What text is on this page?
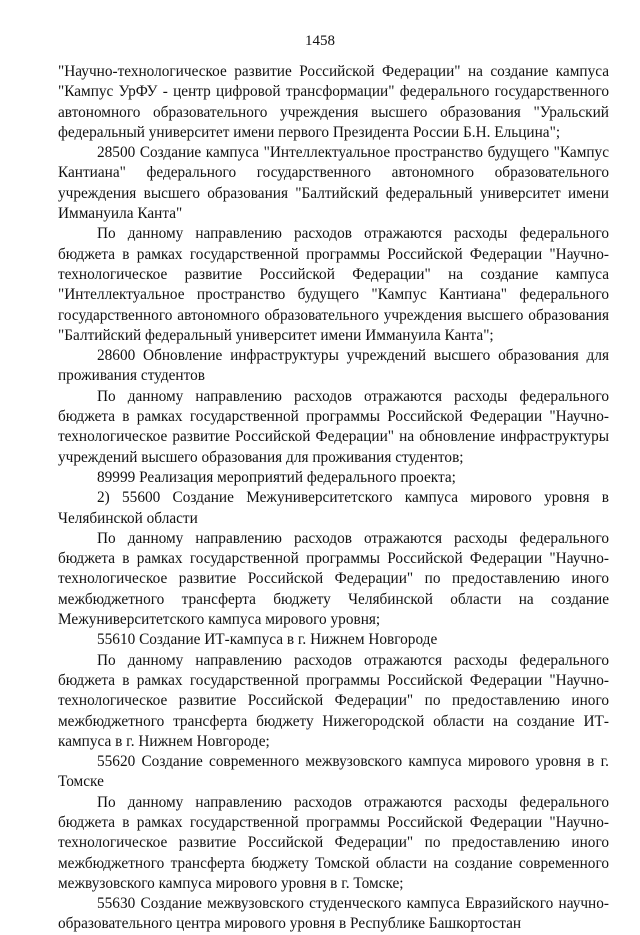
1458

"Научно-технологическое развитие Российской Федерации" на создание кампуса "Кампус УрФУ - центр цифровой трансформации" федерального государственного автономного образовательного учреждения высшего образования "Уральский федеральный университет имени первого Президента России Б.Н. Ельцина";

28500 Создание кампуса "Интеллектуальное пространство будущего "Кампус Кантиана" федерального государственного автономного образовательного учреждения высшего образования "Балтийский федеральный университет имени Иммануила Канта"

По данному направлению расходов отражаются расходы федерального бюджета в рамках государственной программы Российской Федерации "Научно-технологическое развитие Российской Федерации" на создание кампуса "Интеллектуальное пространство будущего "Кампус Кантиана" федерального государственного автономного образовательного учреждения высшего образования "Балтийский федеральный университет имени Иммануила Канта";

28600 Обновление инфраструктуры учреждений высшего образования для проживания студентов

По данному направлению расходов отражаются расходы федерального бюджета в рамках государственной программы Российской Федерации "Научно-технологическое развитие Российской Федерации" на обновление инфраструктуры учреждений высшего образования для проживания студентов;

89999 Реализация мероприятий федерального проекта;

2) 55600 Создание Межуниверситетского кампуса мирового уровня в Челябинской области

По данному направлению расходов отражаются расходы федерального бюджета в рамках государственной программы Российской Федерации "Научно-технологическое развитие Российской Федерации" по предоставлению иного межбюджетного трансферта бюджету Челябинской области на создание Межуниверситетского кампуса мирового уровня;

55610 Создание ИТ-кампуса в г. Нижнем Новгороде

По данному направлению расходов отражаются расходы федерального бюджета в рамках государственной программы Российской Федерации "Научно-технологическое развитие Российской Федерации" по предоставлению иного межбюджетного трансферта бюджету Нижегородской области на создание ИТ-кампуса в г. Нижнем Новгороде;

55620 Создание современного межвузовского кампуса мирового уровня в г. Томске

По данному направлению расходов отражаются расходы федерального бюджета в рамках государственной программы Российской Федерации "Научно-технологическое развитие Российской Федерации" по предоставлению иного межбюджетного трансферта бюджету Томской области на создание современного межвузовского кампуса мирового уровня в г. Томске;

55630 Создание межвузовского студенческого кампуса Евразийского научно-образовательного центра мирового уровня в Республике Башкортостан
